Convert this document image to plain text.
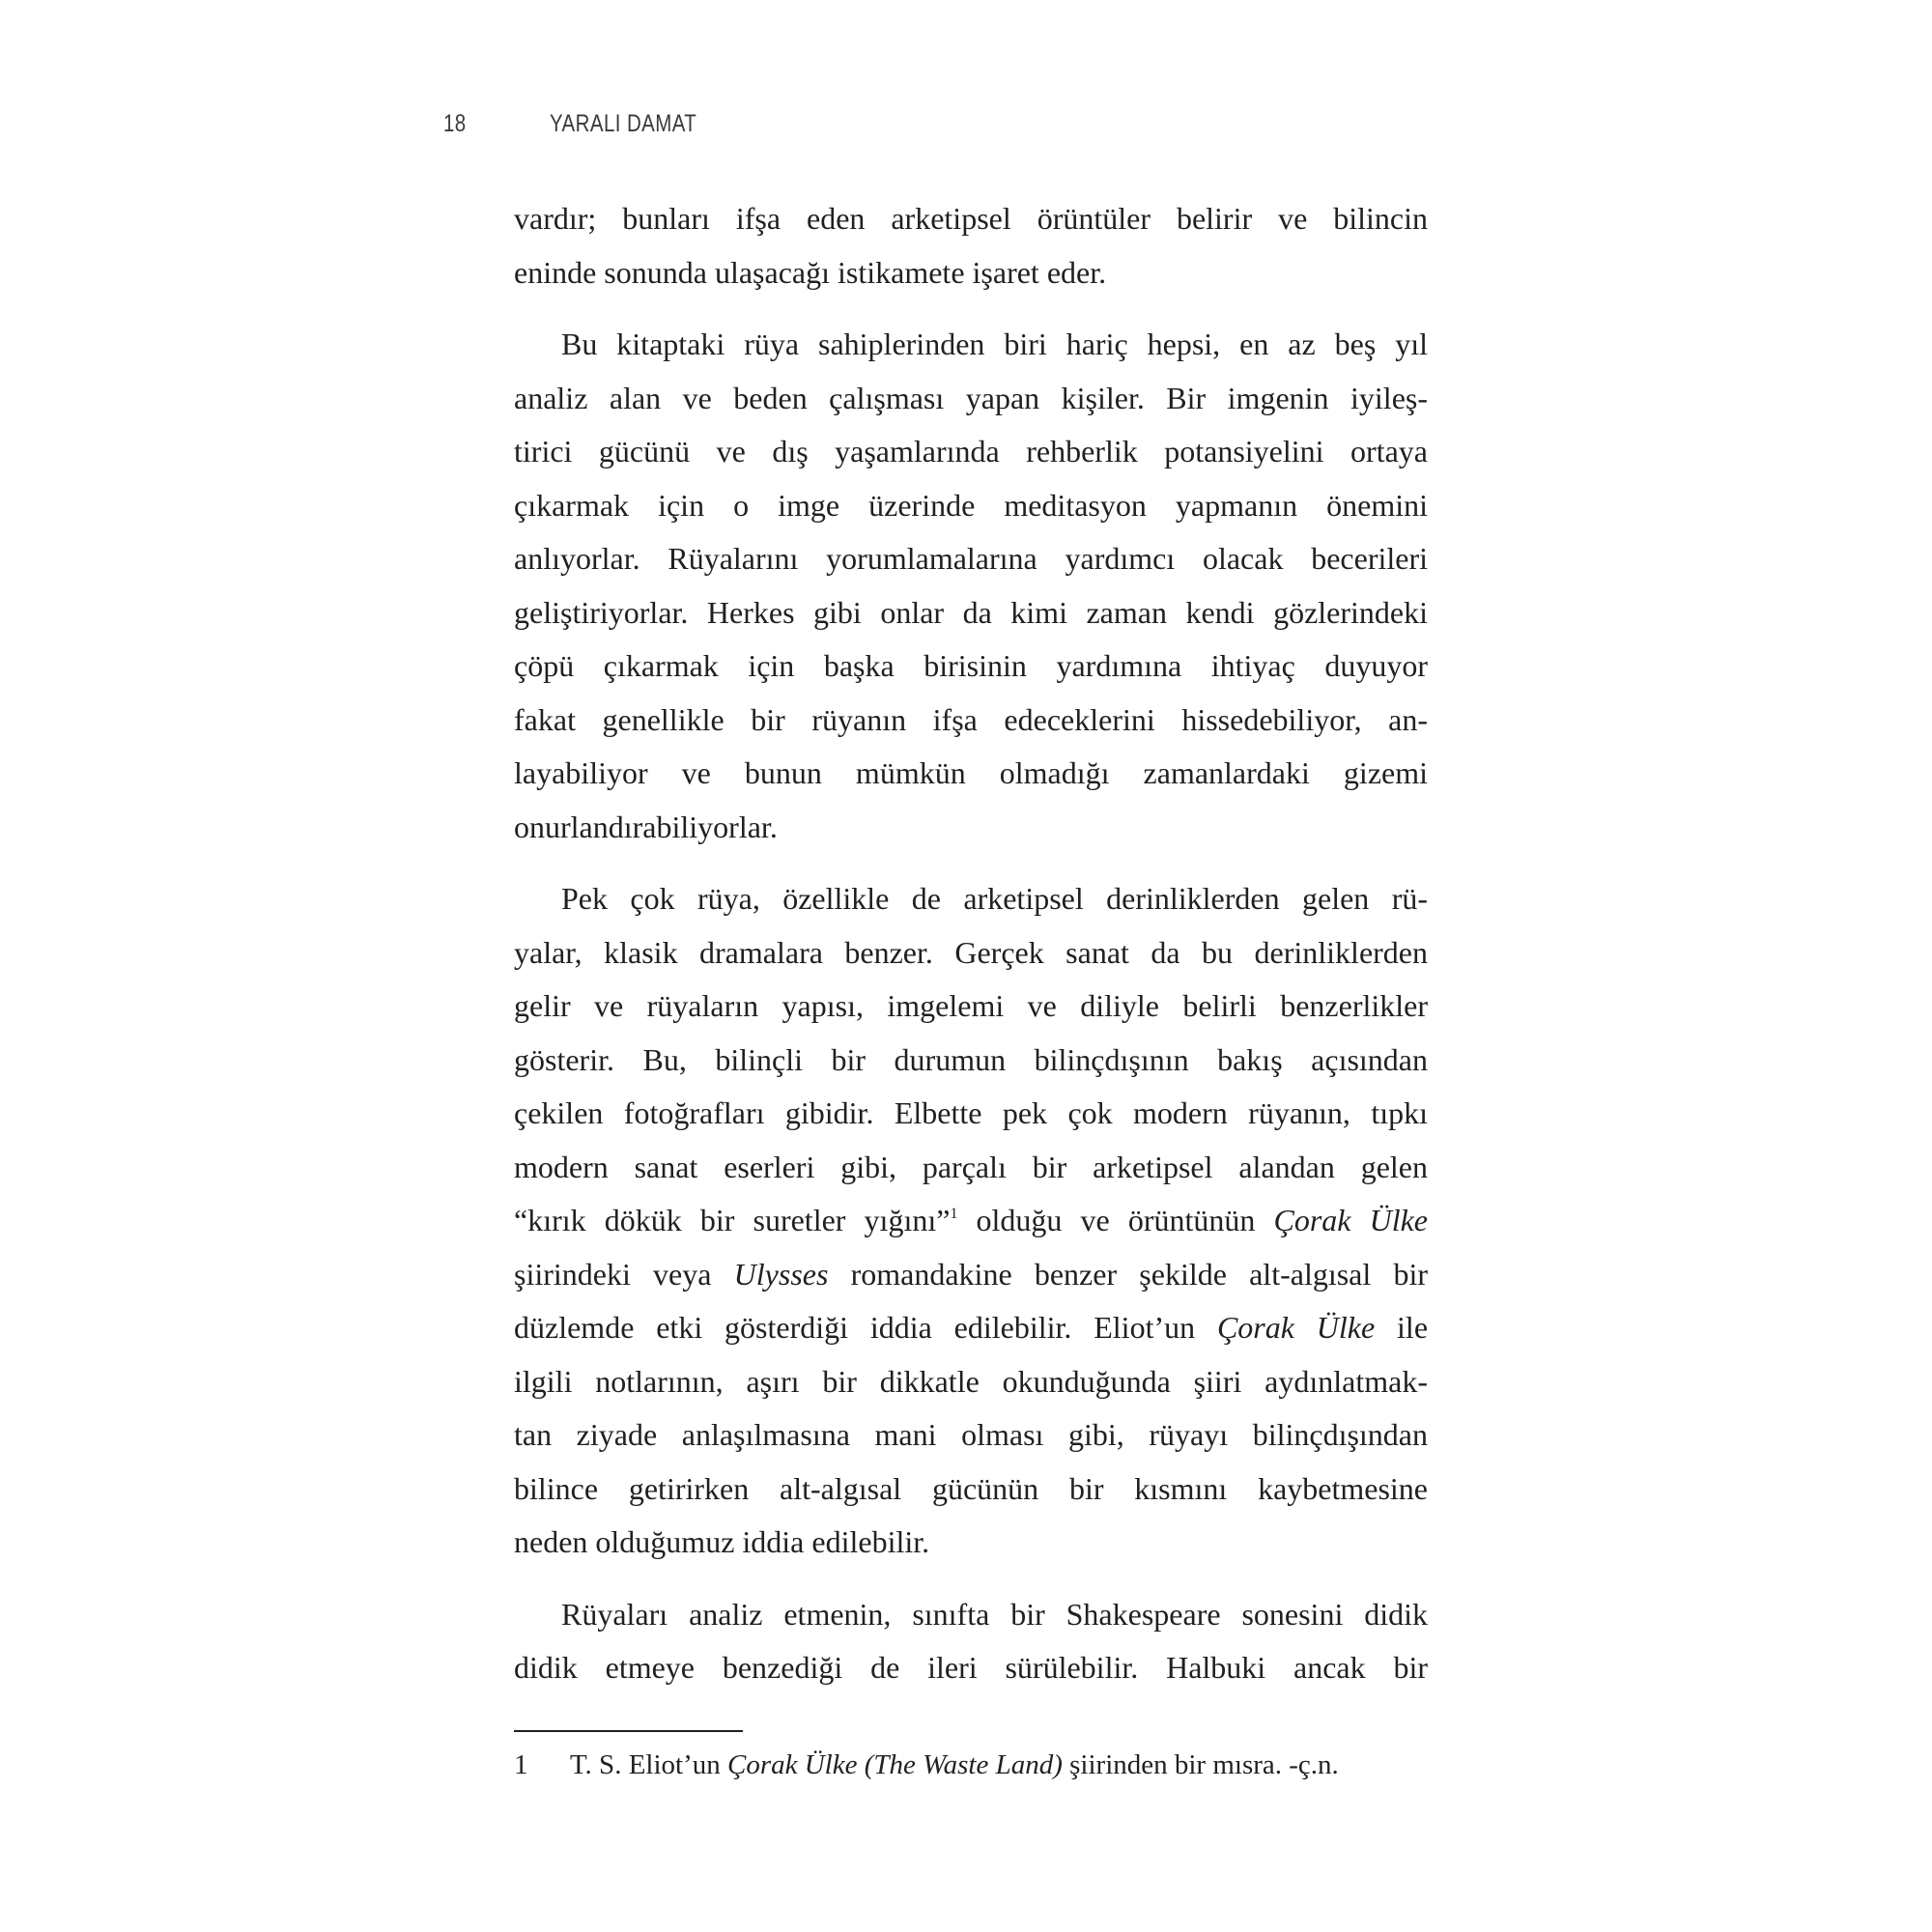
18	YARALI DAMAT
vardır; bunları ifşa eden arketipsel örüntüler belirir ve bilincin
eninde sonunda ulaşacağı istikamete işaret eder.
Bu kitaptaki rüya sahiplerinden biri hariç hepsi, en az beş yıl
analiz alan ve beden çalışması yapan kişiler. Bir imgenin iyileş-
tirici gücünü ve dış yaşamlarında rehberlik potansiyelini ortaya
çıkarmak için o imge üzerinde meditasyon yapmanın önemini
anlıyorlar. Rüyalarını yorumlamalarına yardımcı olacak becerileri
geliştiriyorlar. Herkes gibi onlar da kimi zaman kendi gözlerindeki
çöpü çıkarmak için başka birisinin yardımına ihtiyaç duyuyor
fakat genellikle bir rüyanın ifşa edeceklerini hissedebiliyor, an-
layabiliyor ve bunun mümkün olmadığı zamanlardaki gizemi
onurlandırabiliyorlar.
Pek çok rüya, özellikle de arketipsel derinliklerden gelen rü-
yalar, klasik dramalara benzer. Gerçek sanat da bu derinliklerden
gelir ve rüyaların yapısı, imgelemi ve diliyle belirli benzerlikler
gösterir. Bu, bilinçli bir durumun bilinçdışının bakış açısından
çekilen fotoğrafları gibidir. Elbette pek çok modern rüyanın, tıpkı
modern sanat eserleri gibi, parçalı bir arketipsel alandan gelen
“kırık dökük bir suretler yığını”$^1$ olduğu ve örüntünün Çorak Ülke
şiirindeki veya Ulysses romandakine benzer şekilde alt-algısal bir
düzlemde etki gösterdiği iddia edilebilir. Eliot’un Çorak Ülke ile
ilgili notlarının, aşırı bir dikkatle okunduğunda şiiri aydınlatmak-
tan ziyade anlaşılmasına mani olması gibi, rüyayı bilinçdışından
bilince getirirken alt-algısal gücünün bir kısmını kaybetmesine
neden olduğumuz iddia edilebilir.
Rüyaları analiz etmenin, sınıfta bir Shakespeare sonesini didik
didik etmeye benzediği de ileri sürülebilir. Halbuki ancak bir
1 T. S. Eliot’un Çorak Ülke (The Waste Land) şiirinden bir mısra. -ç.n.
